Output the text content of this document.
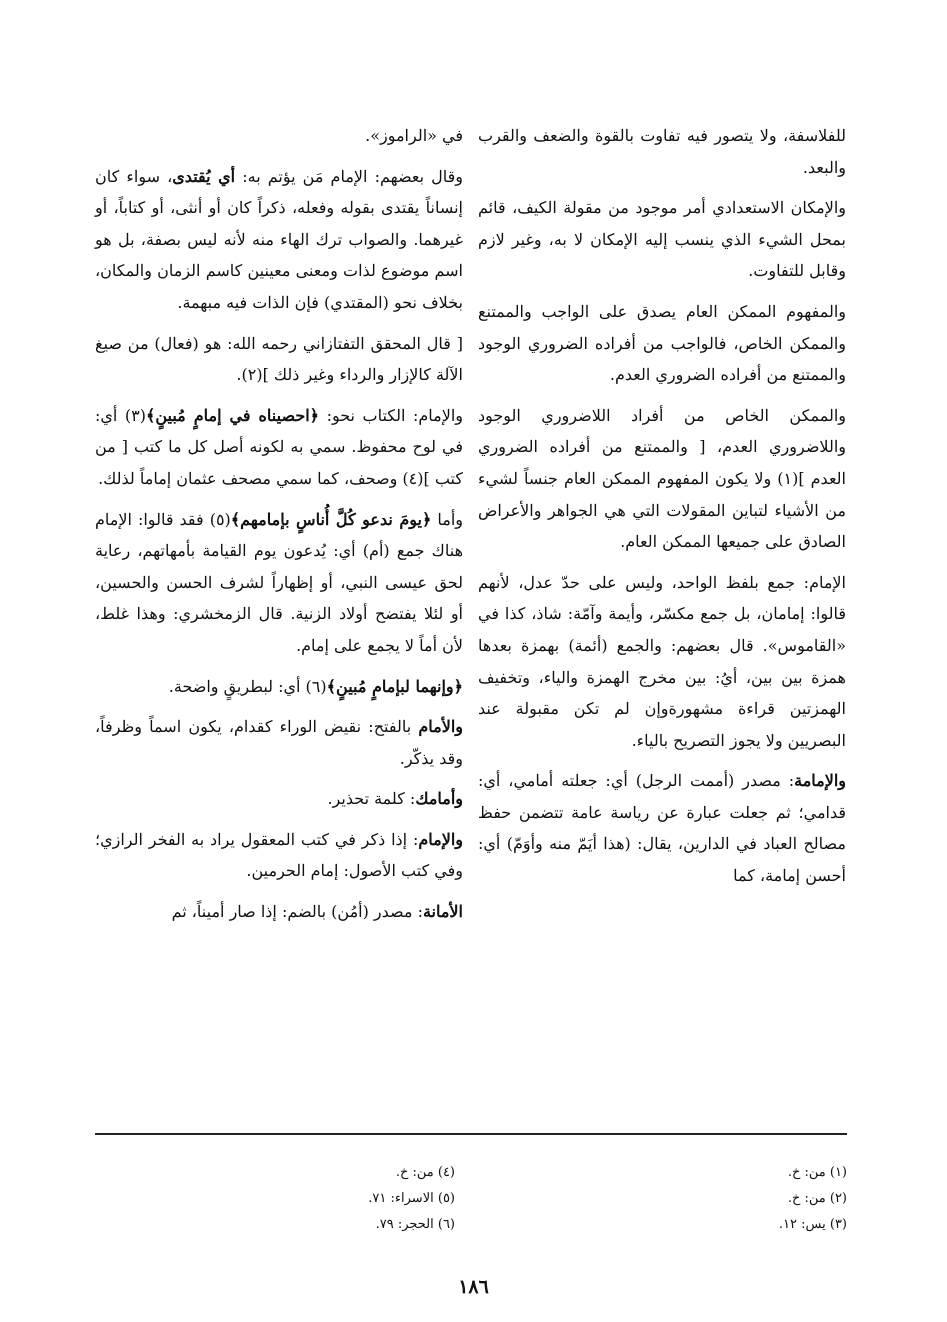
للفلاسفة، ولا يتصور فيه تفاوت بالقوة والضعف والقرب والبعد.

والإمكان الاستعدادي أمر موجود من مقولة الكيف، قائم بمحل الشيء الذي ينسب إليه الإمكان لا به، وغير لازم وقابل للتفاوت.

والمفهوم الممكن العام يصدق على الواجب والممتنع والممكن الخاص، فالواجب من أفراده الضروري الوجود والممتنع من أفراده الضروري العدم.

والممكن الخاص من أفراد اللاضروري الوجود واللاضروري العدم، [ والممتنع من أفراده الضروري العدم ](١) ولا يكون المفهوم الممكن العام جنساً لشيء من الأشياء لتباين المقولات التي هي الجواهر والأعراض الصادق على جميعها الممكن العام.

الإمام: جمع بلفظ الواحد، وليس على حدّ عدل، لأنهم قالوا: إمامان، بل جمع مكسّر، وأيمة وآمّة: شاذ، كذا في «القاموس». قال بعضهم: والجمع (أئمة) بهمزة بعدها همزة بين بين، أيُ: بين مخرج الهمزة والياء، وتخفيف الهمزتين قراءة مشهورةوإن لم تكن مقبولة عند البصريين ولا يجوز التصريح بالياء.

والإمامة: مصدر (أممت الرجل) أي: جعلته أمامي، أي: قدامي؛ ثم جعلت عبارة عن رياسة عامة تتضمن حفظ مصالح العباد في الدارين، يقال: (هذا أيَمّ منه وأوَمّ) أي: أحسن إمامة، كما

في «الراموز».

وقال بعضهم: الإمام مَن يؤتم به: أي يُقتدى، سواء كان إنساناً يقتدى بقوله وفعله، ذكراً كان أو أنثى، أو كتاباً، أو غيرهما. والصواب ترك الهاء منه لأنه ليس بصفة، بل هو اسم موضوع لذات ومعنى معينين كاسم الزمان والمكان، بخلاف نحو (المقتدي) فإن الذات فيه مبهمة.

[ قال المحقق التفتازاني رحمه الله: هو (فعال) من صيغ الآلة كالإزار والرداء وغير ذلك ](٢).

والإمام: الكتاب نحو: ﴿احصيناه في إمامٍ مُبينٍ﴾(٣) أي: في لوح محفوظ. سمي به لكونه أصل كل ما كتب [ من كتب ](٤) وصحف، كما سمي مصحف عثمان إماماً لذلك.

وأما ﴿يومَ ندعو كُلَّ أُناسٍ بإمامهم﴾(٥) فقد قالوا: الإمام هناك جمع (أم) أي: يُدعون يوم القيامة بأمهاتهم، رعاية لحق عيسى النبي، أو إظهاراً لشرف الحسن والحسين، أو لئلا يفتضح أولاد الزنية. قال الزمخشري: وهذا غلط، لأن أماً لا يجمع على إمام.

﴿وإنهما لبإمامٍ مُبينٍ﴾(٦) أي: لبطريقٍ واضحة.

والأمام بالفتح: نقيض الوراء كقدام، يكون اسماً وظرفاً، وقد يذكّر.

وأمامك: كلمة تحذير.

والإمام: إذا ذكر في كتب المعقول يراد به الفخر الرازي؛ وفي كتب الأصول: إمام الحرمين.

الأمانة: مصدر (أمُن) بالضم: إذا صار أميناً، ثم

(١) من: خ.
(٢) من: خ.
(٣) يس: ١٢.
(٤) من: خ.
(٥) الاسراء: ٧١.
(٦) الحجر: ٧٩.
١٨٦
